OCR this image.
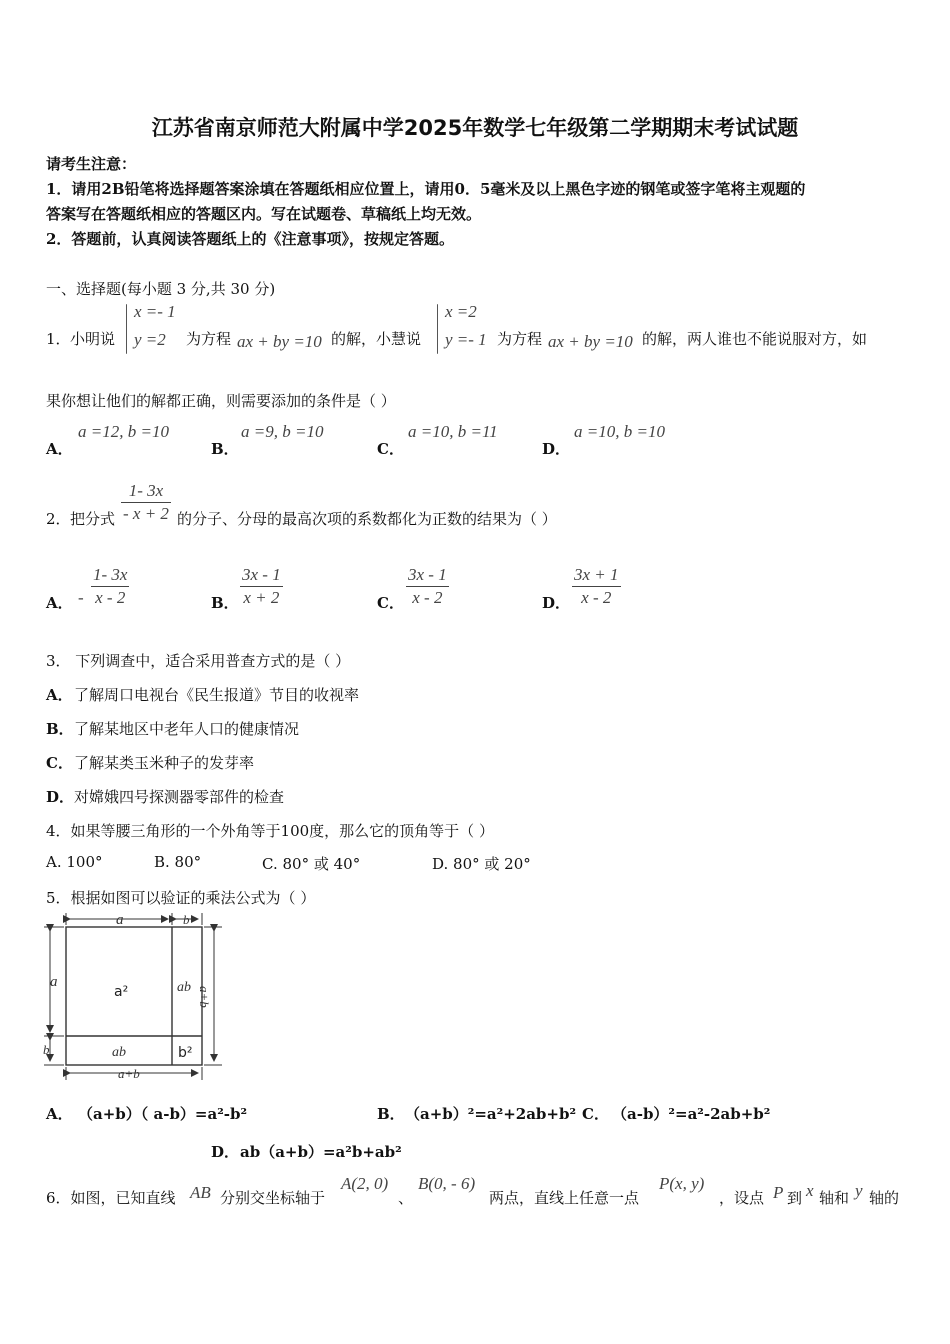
江苏省南京师范大附属中学2025年数学七年级第二学期期末考试试题
请考生注意：
1．请用2B铅笔将选择题答案涂填在答题纸相应位置上，请用0．5毫米及以上黑色字迹的钢笔或签字笔将主观题的
答案写在答题纸相应的答题区内。写在试题卷、草稿纸上均无效。
2．答题前，认真阅读答题纸上的《注意事项》，按规定答题。
一、选择题(每小题 3 分,共 30 分)
1． 小明说
x =- 1
y =2 为方程 ax + by =10 的解，小慧说
x =2
y =- 1 为方程 ax + by =10 的解，两人谁也不能说服对方，如
果你想让他们的解都正确，则需要添加的条件是（ ）
A．
a =12, b =10
B．
a =9, b =10
C．
a =10, b =11
D．
a =10, b =10
2． 把分式 $\frac{1- 3x}{- x + 2}$ 的分子、分母的最高次项的系数都化为正数的结果为（ ）
A． - $\frac{1- 3x}{x - 2}$	B． $\frac{3x - 1}{x + 2}$	C． $\frac{3x - 1}{x - 2}$	D． $\frac{3x + 1}{x - 2}$
3． 下列调查中，适合采用普查方式的是（ ）
A． 了解周口电视台《民生报道》节目的收视率
B． 了解某地区中老年人口的健康情况
C． 了解某类玉米种子的发芽率
D． 对嫦娥四号探测器零部件的检查
4．如果等腰三角形的一个外角等于100度，那么它的顶角等于（ ）
A. 100°	B. 80°	C. 80° 或 40°	D. 80° 或 20°
5．根据如图可以验证的乘法公式为（ ）
a	b
a
b
a+b
a+b
ab
ab
a²
b²
A． （a+b）（ a-b）=a²-b²	B． （a+b）²=a²+2ab+b² C． （a-b）²=a²-2ab+b²
D． ab（a+b）=a²b+ab²
6．如图，已知直线 AB 分别交坐标轴于
A(2, 0)
、
B(0, - 6)
两点，直线上任意一点
P(x, y)
，设点 P 到 x 轴和 y 轴的
